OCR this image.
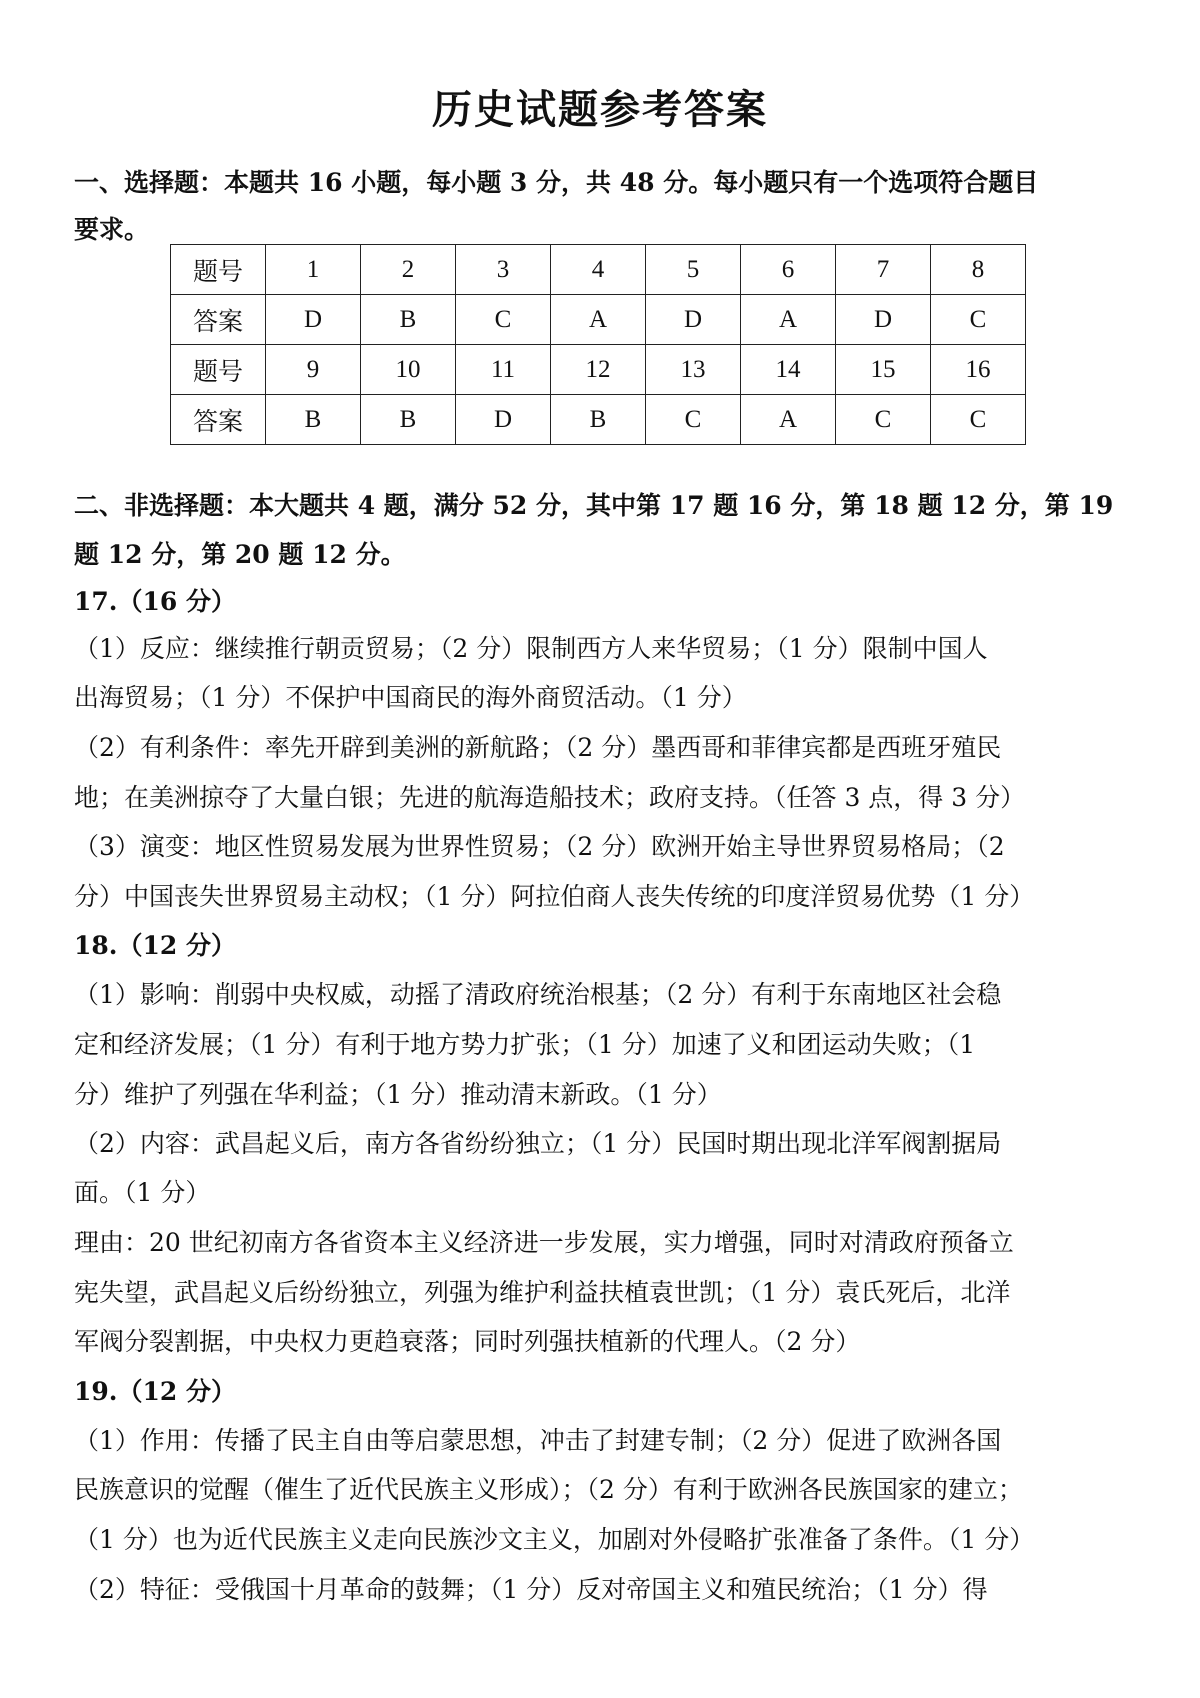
历史试题参考答案
一、选择题：本题共 16 小题，每小题 3 分，共 48 分。每小题只有一个选项符合题目
要求。
题号	1	2	3	4	5	6	7	8
答案	D	B	C	A	D	A	D	C
题号	9	10	11	12	13	14	15	16
答案	B	B	D	B	C	A	C	C
二、非选择题：本大题共 4 题，满分 52 分，其中第 17 题 16 分，第 18 题 12 分，第 19
题 12 分，第 20 题 12 分。
17.（16 分）
（1）反应：继续推行朝贡贸易；（2 分）限制西方人来华贸易；（1 分）限制中国人
出海贸易；（1 分）不保护中国商民的海外商贸活动。（1 分）
（2）有利条件：率先开辟到美洲的新航路；（2 分）墨西哥和菲律宾都是西班牙殖民
地；在美洲掠夺了大量白银；先进的航海造船技术；政府支持。（任答 3 点，得 3 分）
（3）演变：地区性贸易发展为世界性贸易；（2 分）欧洲开始主导世界贸易格局；（2
分）中国丧失世界贸易主动权；（1 分）阿拉伯商人丧失传统的印度洋贸易优势（1 分）
18.（12 分）
（1）影响：削弱中央权威，动摇了清政府统治根基；（2 分）有利于东南地区社会稳
定和经济发展；（1 分）有利于地方势力扩张；（1 分）加速了义和团运动失败；（1
分）维护了列强在华利益；（1 分）推动清末新政。（1 分）
（2）内容：武昌起义后，南方各省纷纷独立；（1 分）民国时期出现北洋军阀割据局
面。（1 分）
理由：20 世纪初南方各省资本主义经济进一步发展，实力增强，同时对清政府预备立
宪失望，武昌起义后纷纷独立，列强为维护利益扶植袁世凯；（1 分）袁氏死后，北洋
军阀分裂割据，中央权力更趋衰落；同时列强扶植新的代理人。（2 分）
19.（12 分）
（1）作用：传播了民主自由等启蒙思想，冲击了封建专制；（2 分）促进了欧洲各国
民族意识的觉醒（催生了近代民族主义形成）；（2 分）有利于欧洲各民族国家的建立；
（1 分）也为近代民族主义走向民族沙文主义，加剧对外侵略扩张准备了条件。（1 分）
（2）特征：受俄国十月革命的鼓舞；（1 分）反对帝国主义和殖民统治；（1 分）得
